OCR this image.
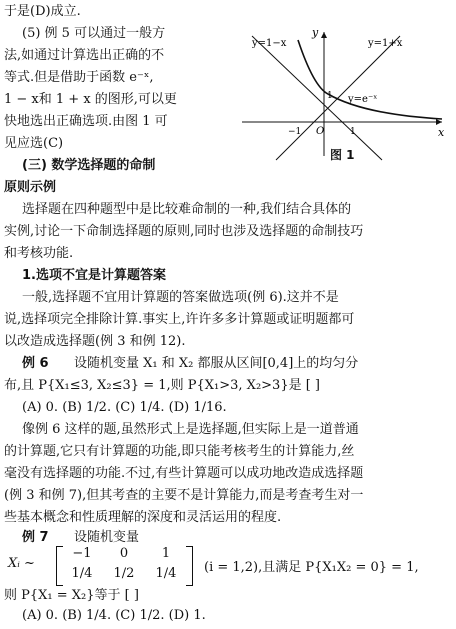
于是(D)成立.
(5) 例 5 可以通过一般方
法,如通过计算选出正确的不
等式.但是借助于函数 e⁻ˣ,
1 − x和 1 + x 的图形,可以更
快地选出正确选项.由图 1 可
见应选(C)
(三) 数学选择题的命制
原则示例
y=1−x	y=1+x
y=e⁻ˣ
y
x
1
−1 O	1
图 1
选择题在四种题型中是比较难命制的一种,我们结合具体的
实例,讨论一下命制选择题的原则,同时也涉及选择题的命制技巧
和考核功能.
1.选项不宜是计算题答案
一般,选择题不宜用计算题的答案做选项(例 6).这并不是
说,选择项完全排除计算.事实上,许许多多计算题或证明题都可
以改造成选择题(例 3 和例 12).
例 6 设随机变量 X₁ 和 X₂ 都服从区间[0,4]上的均匀分
布,且 P{X₁≤3, X₂≤3} = 1,则 P{X₁>3, X₂>3}是 [ ]
(A) 0. (B) 1/2. (C) 1/4. (D) 1/16.
像例 6 这样的题,虽然形式上是选择题,但实际上是一道普通
的计算题,它只有计算题的功能,即只能考核考生的计算能力,丝
毫没有选择题的功能.不过,有些计算题可以成功地改造成选择题
(例 3 和例 7),但其考查的主要不是计算能力,而是考查考生对一
些基本概念和性质理解的深度和灵活运用的程度.
例 7 设随机变量
Xᵢ ~
−1	0	1
1/4	1/2	1/4	(i = 1,2),且满足 P{X₁X₂ = 0} = 1,
则 P{X₁ = X₂}等于 [ ]
(A) 0. (B) 1/4. (C) 1/2. (D) 1.
